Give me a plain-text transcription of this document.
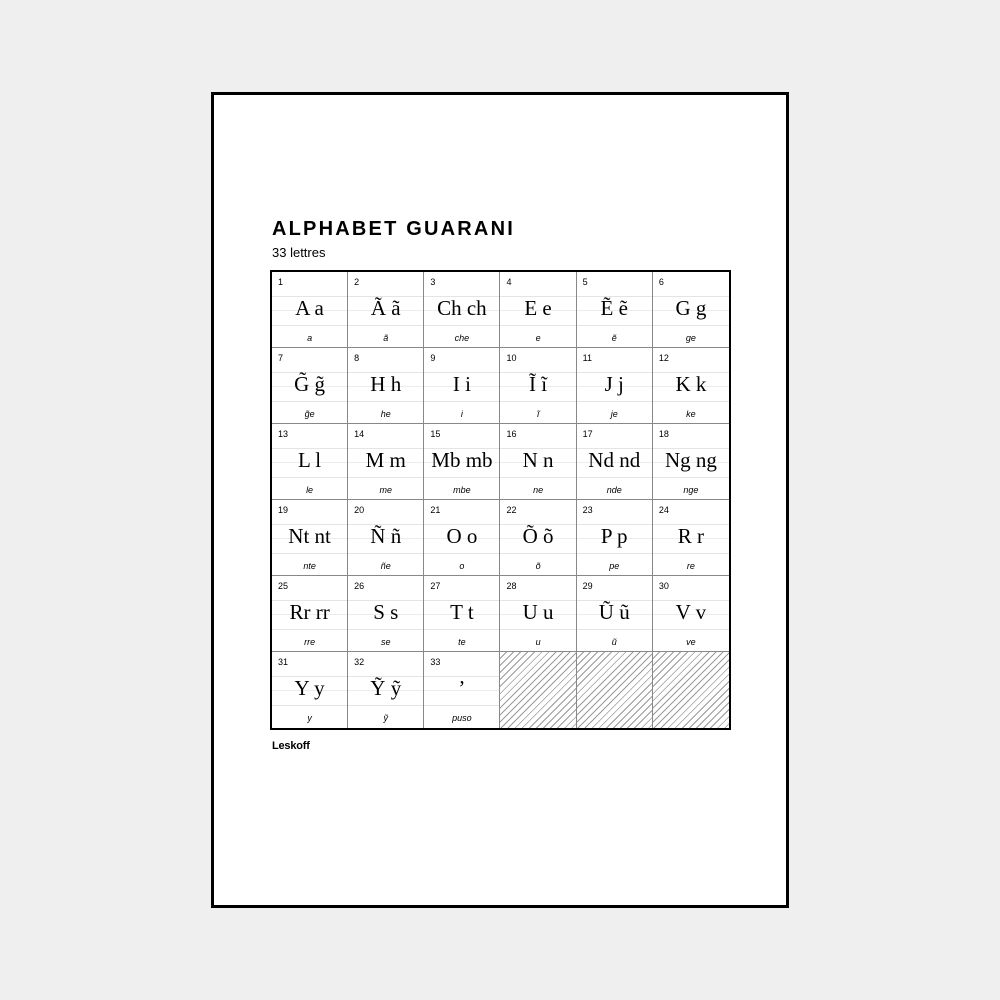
ALPHABET GUARANI
33 lettres
1
A a
a
2
Ã ã
ã
3
Ch ch
che
4
E e
e
5
Ẽ ẽ
ẽ
6
G g
ge
7
G̃ g̃
g̃e
8
H h
he
9
I i
i
10
Ĩ ĩ
ĩ
11
J j
je
12
K k
ke
13
L l
le
14
M m
me
15
Mb mb
mbe
16
N n
ne
17
Nd nd
nde
18
Ng ng
nge
19
Nt nt
nte
20
Ñ ñ
ñe
21
O o
o
22
Õ õ
õ
23
P p
pe
24
R r
re
25
Rr rr
rre
26
S s
se
27
T t
te
28
U u
u
29
Ũ ũ
ũ
30
V v
ve
31
Y y
y
32
Ỹ ỹ
ỹ
33
’
puso
Leskoff
